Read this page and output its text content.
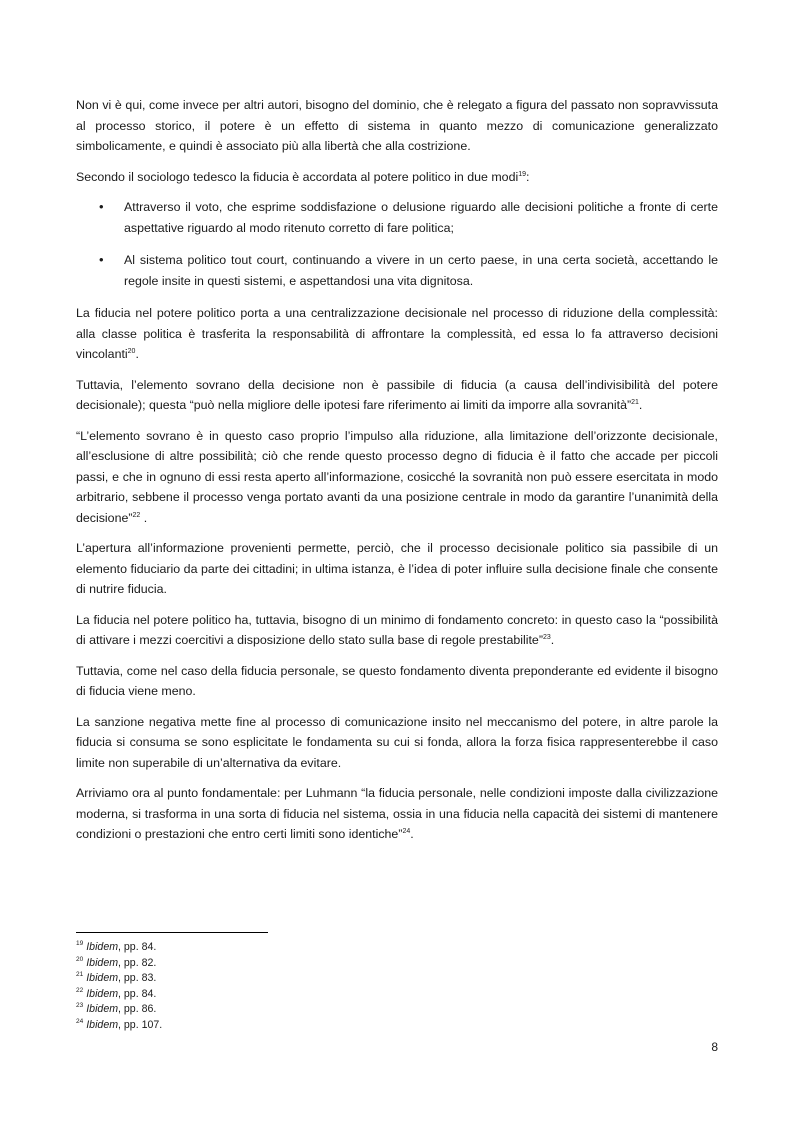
Non vi è qui, come invece per altri autori, bisogno del dominio, che è relegato a figura del passato non sopravvissuta al processo storico, il potere è un effetto di sistema in quanto mezzo di comunicazione generalizzato simbolicamente, e quindi è associato più alla libertà che alla costrizione.

Secondo il sociologo tedesco la fiducia è accordata al potere politico in due modi$^{19}$:

• Attraverso il voto, che esprime soddisfazione o delusione riguardo alle decisioni politiche a fronte di certe aspettative riguardo al modo ritenuto corretto di fare politica;
• Al sistema politico tout court, continuando a vivere in un certo paese, in una certa società, accettando le regole insite in questi sistemi, e aspettandosi una vita dignitosa.

La fiducia nel potere politico porta a una centralizzazione decisionale nel processo di riduzione della complessità: alla classe politica è trasferita la responsabilità di affrontare la complessità, ed essa lo fa attraverso decisioni vincolanti$^{20}$.

Tuttavia, l’elemento sovrano della decisione non è passibile di fiducia (a causa dell’indivisibilità del potere decisionale); questa “può nella migliore delle ipotesi fare riferimento ai limiti da imporre alla sovranità”$^{21}$.

“L’elemento sovrano è in questo caso proprio l’impulso alla riduzione, alla limitazione dell’orizzonte decisionale, all’esclusione di altre possibilità; ciò che rende questo processo degno di fiducia è il fatto che accade per piccoli passi, e che in ognuno di essi resta aperto all’informazione, cosicché la sovranità non può essere esercitata in modo arbitrario, sebbene il processo venga portato avanti da una posizione centrale in modo da garantire l’unanimità della decisione”$^{22}$ .

L’apertura all’informazione provenienti permette, perciò, che il processo decisionale politico sia passibile di un elemento fiduciario da parte dei cittadini; in ultima istanza, è l’idea di poter influire sulla decisione finale che consente di nutrire fiducia.

La fiducia nel potere politico ha, tuttavia, bisogno di un minimo di fondamento concreto: in questo caso la “possibilità di attivare i mezzi coercitivi a disposizione dello stato sulla base di regole prestabilite”$^{23}$.

Tuttavia, come nel caso della fiducia personale, se questo fondamento diventa preponderante ed evidente il bisogno di fiducia viene meno.

La sanzione negativa mette fine al processo di comunicazione insito nel meccanismo del potere, in altre parole la fiducia si consuma se sono esplicitate le fondamenta su cui si fonda, allora la forza fisica rappresenterebbe il caso limite non superabile di un’alternativa da evitare.

Arriviamo ora al punto fondamentale: per Luhmann “la fiducia personale, nelle condizioni imposte dalla civilizzazione moderna, si trasforma in una sorta di fiducia nel sistema, ossia in una fiducia nella capacità dei sistemi di mantenere condizioni o prestazioni che entro certi limiti sono identiche”$^{24}$.

$^{19}$ Ibidem, pp. 84.

$^{20}$ Ibidem, pp. 82.

$^{21}$ Ibidem, pp. 83.

$^{22}$ Ibidem, pp. 84.

$^{23}$ Ibidem, pp. 86.

$^{24}$ Ibidem, pp. 107.

8
